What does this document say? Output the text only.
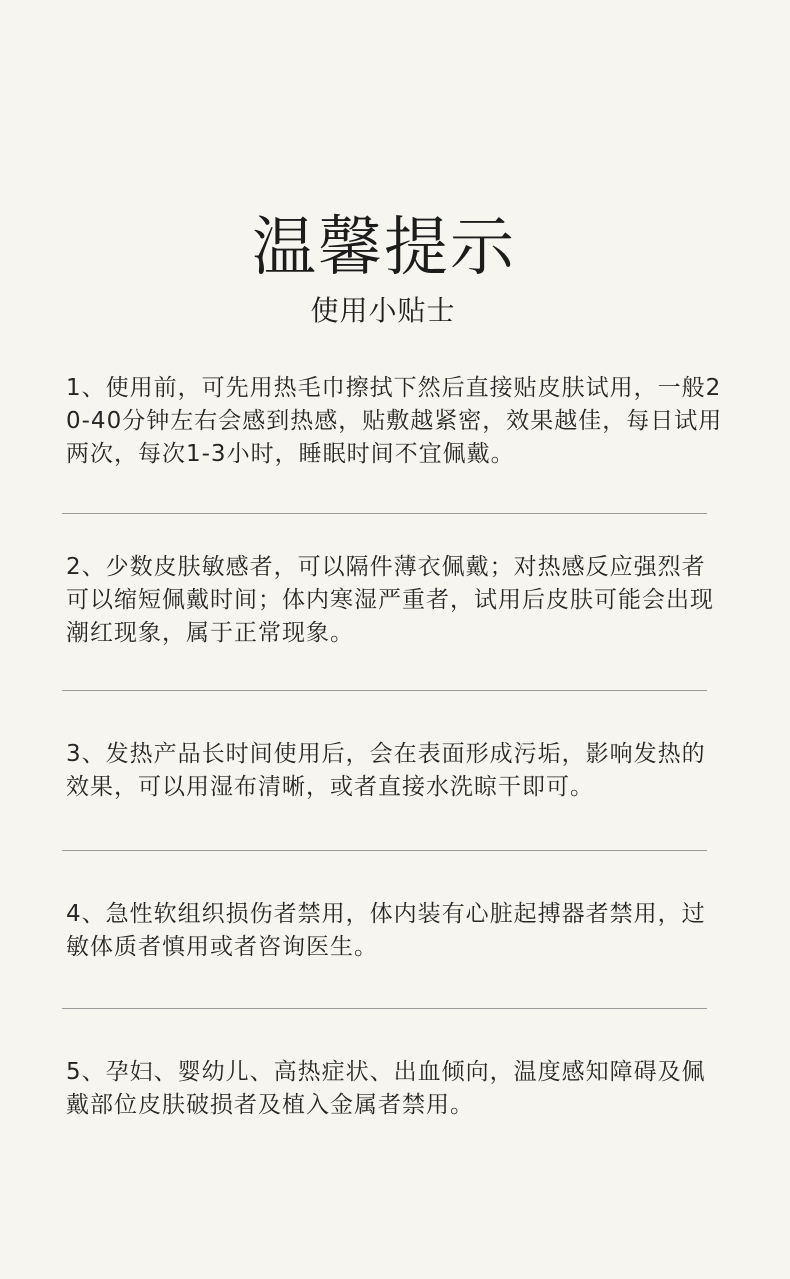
温馨提示
使用小贴士
1、使用前，可先用热毛巾擦拭下然后直接贴皮肤试用，一般20-40分钟左右会感到热感，贴敷越紧密，效果越佳，每日试用两次，每次1-3小时，睡眠时间不宜佩戴。
2、少数皮肤敏感者，可以隔件薄衣佩戴；对热感反应强烈者可以缩短佩戴时间；体内寒湿严重者，试用后皮肤可能会出现潮红现象，属于正常现象。
3、发热产品长时间使用后，会在表面形成污垢，影响发热的效果，可以用湿布清晰，或者直接水洗晾干即可。
4、急性软组织损伤者禁用，体内装有心脏起搏器者禁用，过敏体质者慎用或者咨询医生。
5、孕妇、婴幼儿、高热症状、出血倾向，温度感知障碍及佩戴部位皮肤破损者及植入金属者禁用。
